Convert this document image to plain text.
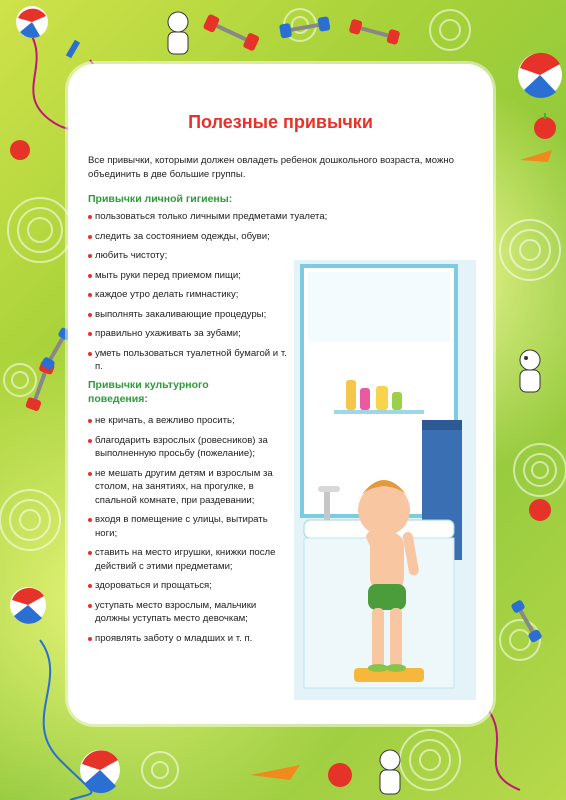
Полезные привычки
Все привычки, которыми должен овладеть ребенок дошкольного возраста, можно объединить в две большие группы.
Привычки личной гигиены:
пользоваться только личными предметами туалета;
следить за состоянием одежды, обуви;
любить чистоту;
мыть руки перед приемом пищи;
каждое утро делать гимнастику;
выполнять закаливающие процедуры;
правильно ухаживать за зубами;
уметь пользоваться туалетной бумагой и т. п.
Привычки культурного поведения:
не кричать, а вежливо просить;
благодарить взрослых (ровесников) за выполненную просьбу (пожелание);
не мешать другим детям и взрослым за столом, на занятиях, на прогулке, в спальной комнате, при раздевании;
входя в помещение с улицы, вытирать ноги;
ставить на место игрушки, книжки после действий с этими предметами;
здороваться и прощаться;
уступать место взрослым, мальчики должны уступать место девочкам;
проявлять заботу о младших и т. п.
